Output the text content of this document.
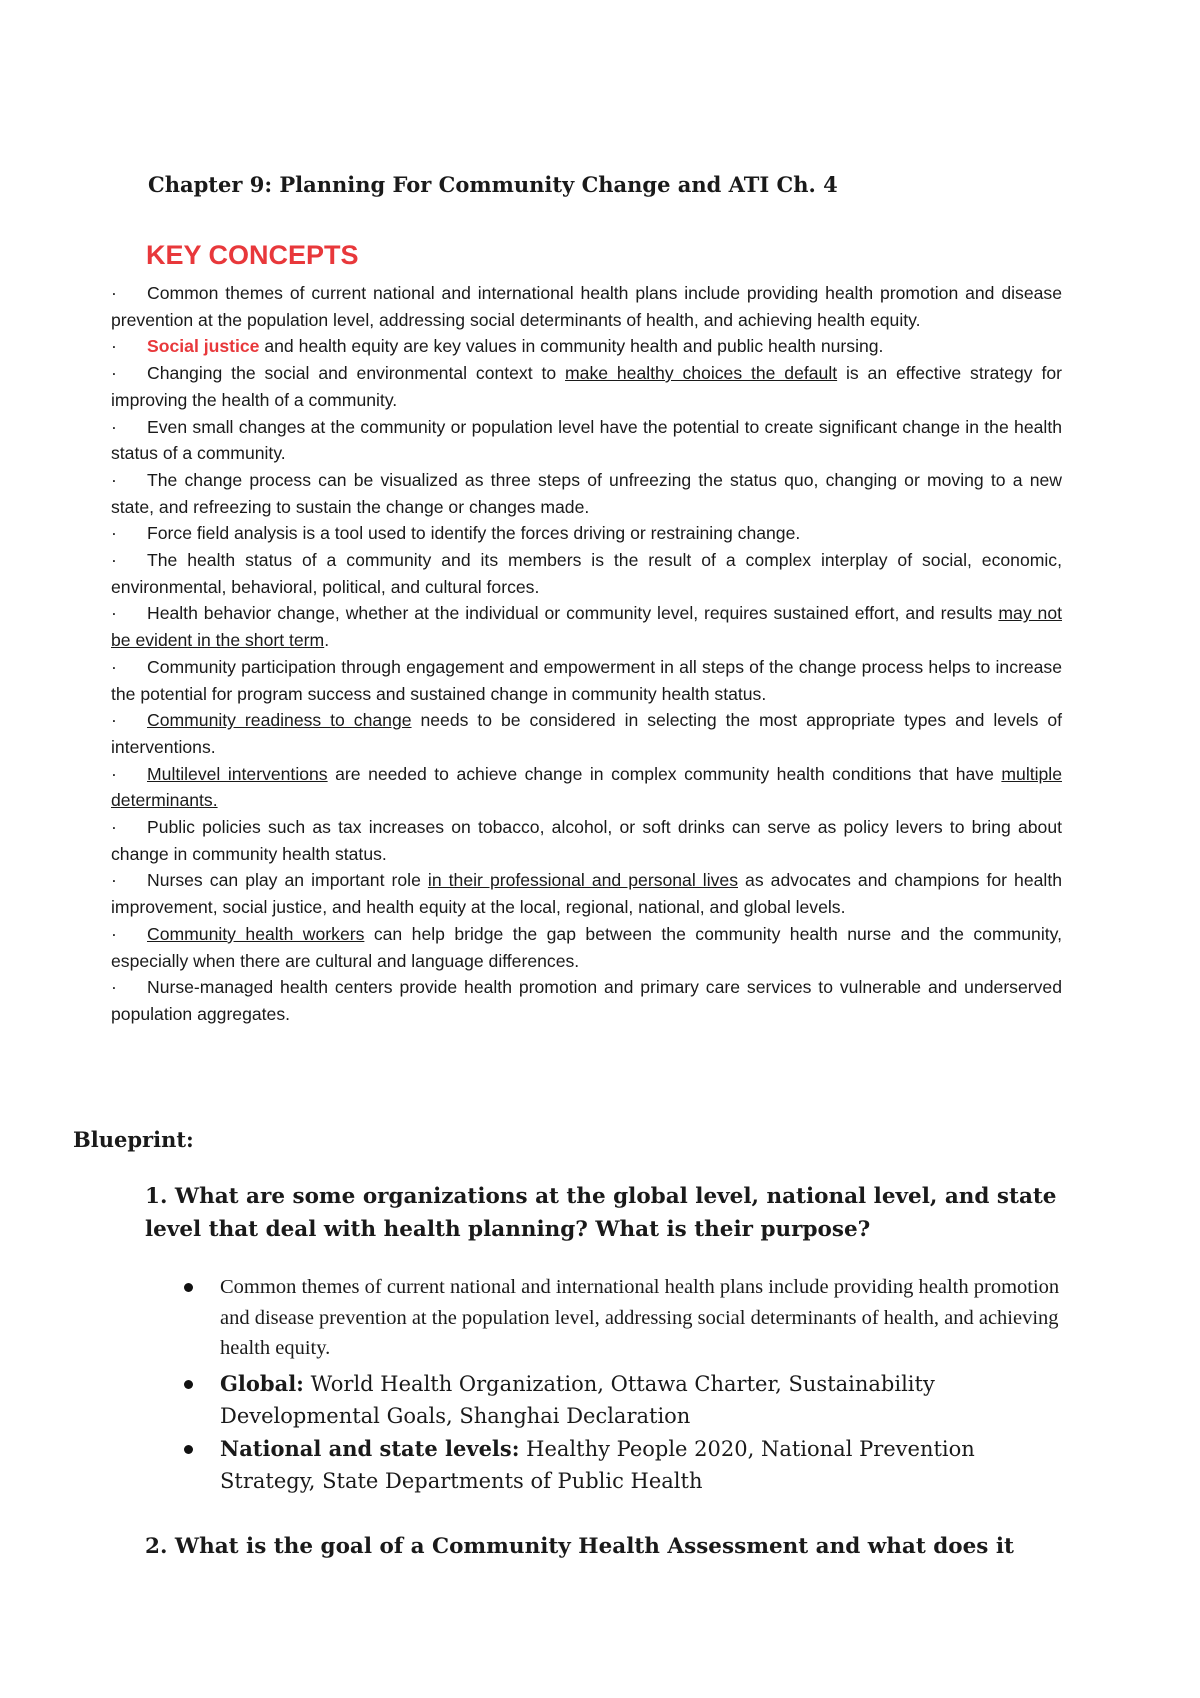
Chapter 9: Planning For Community Change and ATI Ch. 4
KEY CONCEPTS

· Common themes of current national and international health plans include providing health promotion and disease prevention at the population level, addressing social determinants of health, and achieving health equity.

· Social justice and health equity are key values in community health and public health nursing.

· Changing the social and environmental context to make healthy choices the default is an effective strategy for improving the health of a community.

· Even small changes at the community or population level have the potential to create significant change in the health status of a community.

· The change process can be visualized as three steps of unfreezing the status quo, changing or moving to a new state, and refreezing to sustain the change or changes made.

· Force field analysis is a tool used to identify the forces driving or restraining change.

· The health status of a community and its members is the result of a complex interplay of social, economic, environmental, behavioral, political, and cultural forces.

· Health behavior change, whether at the individual or community level, requires sustained effort, and results may not be evident in the short term.

· Community participation through engagement and empowerment in all steps of the change process helps to increase the potential for program success and sustained change in community health status.

· Community readiness to change needs to be considered in selecting the most appropriate types and levels of interventions.

· Multilevel interventions are needed to achieve change in complex community health conditions that have multiple determinants.

· Public policies such as tax increases on tobacco, alcohol, or soft drinks can serve as policy levers to bring about change in community health status.

· Nurses can play an important role in their professional and personal lives as advocates and champions for health improvement, social justice, and health equity at the local, regional, national, and global levels.

· Community health workers can help bridge the gap between the community health nurse and the community, especially when there are cultural and language differences.

· Nurse-managed health centers provide health promotion and primary care services to vulnerable and underserved population aggregates.

Blueprint:
1. What are some organizations at the global level, national level, and state level that deal with health planning? What is their purpose?

Common themes of current national and international health plans include providing health promotion and disease prevention at the population level, addressing social determinants of health, and achieving health equity.

Global: World Health Organization, Ottawa Charter, Sustainability Developmental Goals, Shanghai Declaration

National and state levels: Healthy People 2020, National Prevention Strategy, State Departments of Public Health

2. What is the goal of a Community Health Assessment and what does it
